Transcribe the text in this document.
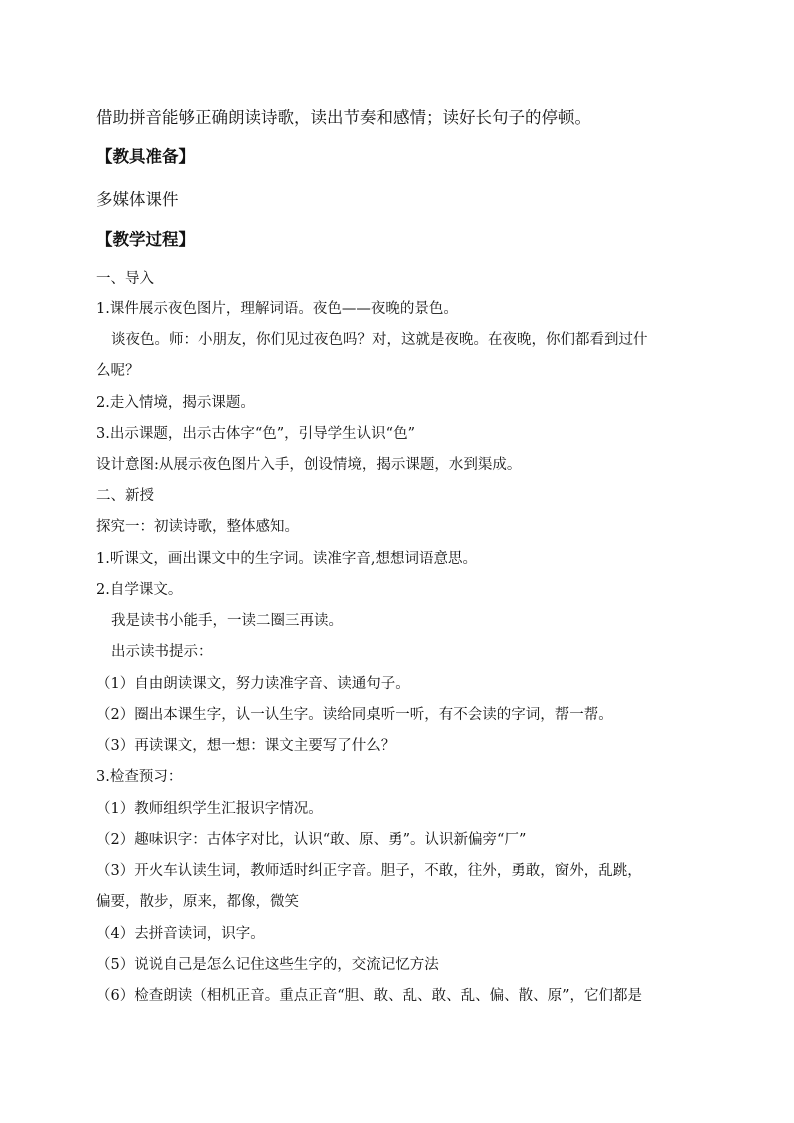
借助拼音能够正确朗读诗歌，读出节奏和感情；读好长句子的停顿。
【教具准备】
多媒体课件
【教学过程】
一、导入
1.课件展示夜色图片，理解词语。夜色——夜晚的景色。
谈夜色。师：小朋友，你们见过夜色吗？对，这就是夜晚。在夜晚，你们都看到过什
么呢？
2.走入情境，揭示课题。
3.出示课题，出示古体字“色”，引导学生认识“色”
设计意图:从展示夜色图片入手，创设情境，揭示课题，水到渠成。
二、新授
探究一：初读诗歌，整体感知。
1.听课文，画出课文中的生字词。读准字音,想想词语意思。
2.自学课文。
我是读书小能手，一读二圈三再读。
出示读书提示：
（1）自由朗读课文，努力读准字音、读通句子。
（2）圈出本课生字，认一认生字。读给同桌听一听，有不会读的字词，帮一帮。
（3）再读课文，想一想：课文主要写了什么？
3.检查预习：
（1）教师组织学生汇报识字情况。
（2）趣味识字：古体字对比，认识“敢、原、勇”。认识新偏旁“厂”
（3）开火车认读生词，教师适时纠正字音。胆子，不敢，往外，勇敢，窗外，乱跳，
偏要，散步，原来，都像，微笑
（4）去拼音读词，识字。
（5）说说自己是怎么记住这些生字的，交流记忆方法
（6）检查朗读（相机正音。重点正音“胆、敢、乱、敢、乱、偏、散、原”，它们都是
